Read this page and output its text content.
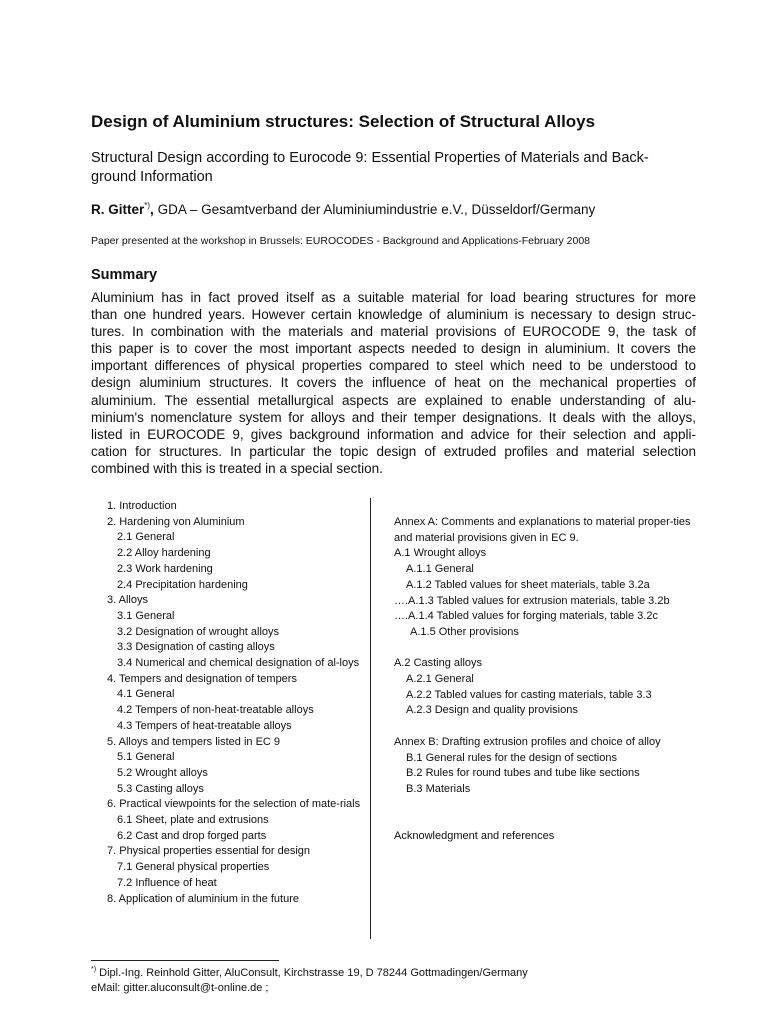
Design of Aluminium structures: Selection of Structural Alloys
Structural Design according to Eurocode 9: Essential Properties of Materials and Back-ground Information
R. Gitter*), GDA – Gesamtverband der Aluminiumindustrie e.V., Düsseldorf/Germany
Paper presented at the workshop in Brussels: EUROCODES - Background and Applications-February 2008
Summary
Aluminium has in fact proved itself as a suitable material for load bearing structures for more
than one hundred years. However certain knowledge of aluminium is necessary to design struc-
tures. In combination with the materials and material provisions of EUROCODE 9, the task of
this paper is to cover the most important aspects needed to design in aluminium. It covers the
important differences of physical properties compared to steel which need to be understood to
design aluminium structures. It covers the influence of heat on the mechanical properties of
aluminium. The essential metallurgical aspects are explained to enable understanding of alu-
minium's nomenclature system for alloys and their temper designations. It deals with the alloys,
listed in EUROCODE 9, gives background information and advice for their selection and appli-
cation for structures. In particular the topic design of extruded profiles and material selection
combined with this is treated in a special section.
1. Introduction
2. Hardening von Aluminium
2.1 General
2.2 Alloy hardening
2.3 Work hardening
2.4 Precipitation hardening
3. Alloys
3.1 General
3.2 Designation of wrought alloys
3.3 Designation of casting alloys
3.4 Numerical and chemical designation of al-loys
4. Tempers and designation of tempers
4.1 General
4.2 Tempers of non-heat-treatable alloys
4.3 Tempers of heat-treatable alloys
5. Alloys and tempers listed in EC 9
5.1 General
5.2 Wrought alloys
5.3 Casting alloys
6. Practical viewpoints for the selection of mate-rials
6.1 Sheet, plate and extrusions
6.2 Cast and drop forged parts
7. Physical properties essential for design
7.1 General physical properties
7.2 Influence of heat
8. Application of aluminium in the future
Annex A: Comments and explanations to material proper-ties and material provisions given in EC 9.
A.1 Wrought alloys
A.1.1 General
A.1.2 Tabled values for sheet materials, table 3.2a
….A.1.3 Tabled values for extrusion materials, table 3.2b
….A.1.4 Tabled values for forging materials, table 3.2c
A.1.5 Other provisions
A.2 Casting alloys
A.2.1 General
A.2.2 Tabled values for casting materials, table 3.3
A.2.3 Design and quality provisions
Annex B: Drafting extrusion profiles and choice of alloy
B.1 General rules for the design of sections
B.2 Rules for round tubes and tube like sections
B.3 Materials
Acknowledgment and references
*) Dipl.-Ing. Reinhold Gitter, AluConsult, Kirchstrasse 19, D 78244 Gottmadingen/Germany
eMail: gitter.aluconsult@t-online.de ;
